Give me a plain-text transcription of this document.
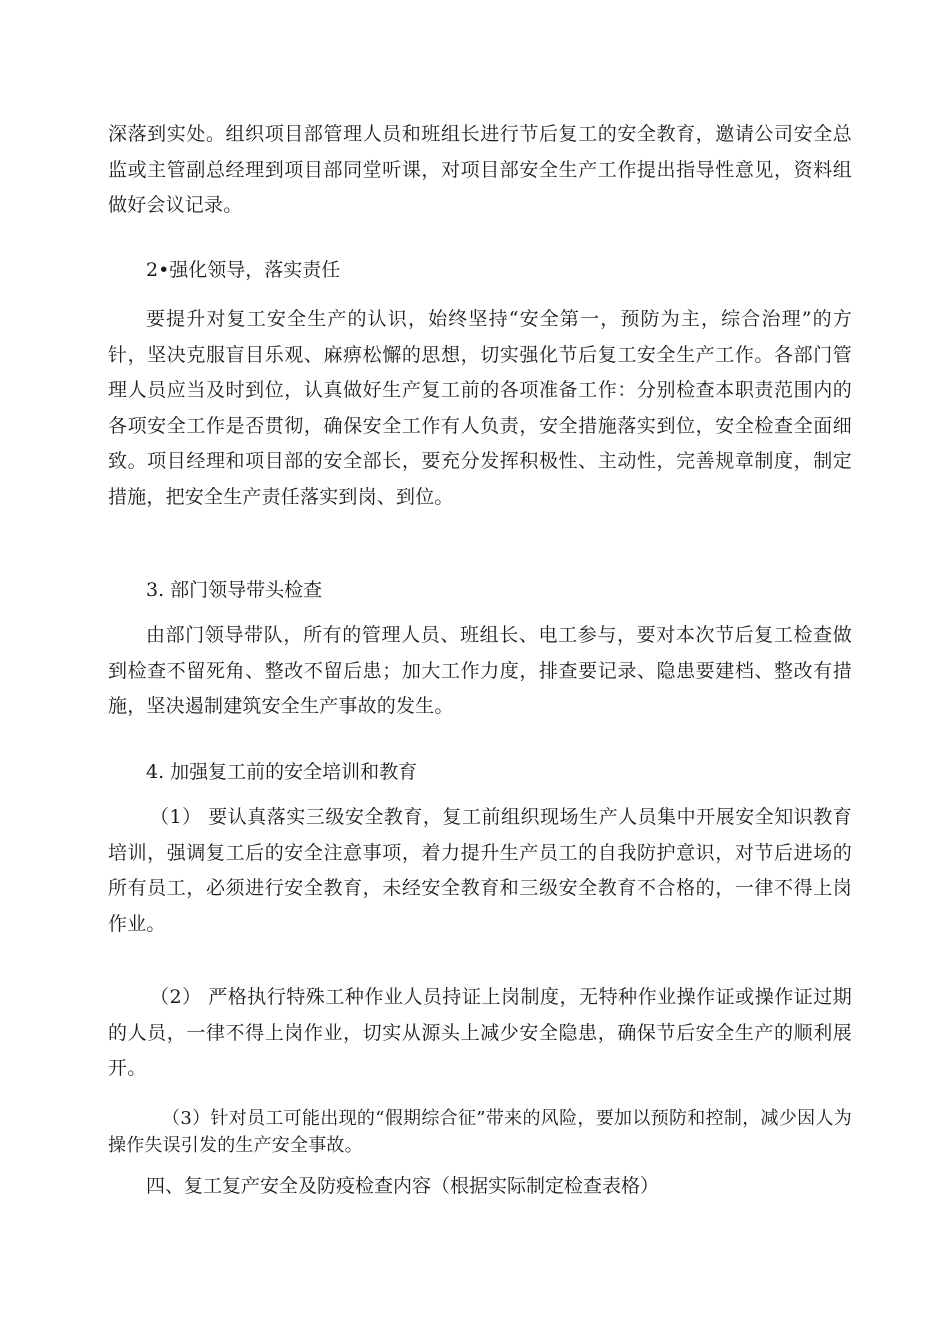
深落到实处。组织项目部管理人员和班组长进行节后复工的安全教育，邀请公司安全总监或主管副总经理到项目部同堂听课，对项目部安全生产工作提出指导性意见，资料组做好会议记录。

2•强化领导，落实责任

要提升对复工安全生产的认识，始终坚持“安全第一，预防为主，综合治理”的方针，坚决克服盲目乐观、麻痹松懈的思想，切实强化节后复工安全生产工作。各部门管理人员应当及时到位，认真做好生产复工前的各项准备工作：分别检查本职责范围内的各项安全工作是否贯彻，确保安全工作有人负责，安全措施落实到位，安全检查全面细致。项目经理和项目部的安全部长，要充分发挥积极性、主动性，完善规章制度，制定措施，把安全生产责任落实到岗、到位。

3. 部门领导带头检查

由部门领导带队，所有的管理人员、班组长、电工参与，要对本次节后复工检查做到检查不留死角、整改不留后患；加大工作力度，排查要记录、隐患要建档、整改有措施，坚决遏制建筑安全生产事故的发生。

4. 加强复工前的安全培训和教育

（1） 要认真落实三级安全教育，复工前组织现场生产人员集中开展安全知识教育培训，强调复工后的安全注意事项，着力提升生产员工的自我防护意识，对节后进场的所有员工，必须进行安全教育，未经安全教育和三级安全教育不合格的，一律不得上岗作业。

（2） 严格执行特殊工种作业人员持证上岗制度，无特种作业操作证或操作证过期的人员，一律不得上岗作业，切实从源头上减少安全隐患，确保节后安全生产的顺利展开。

（3）针对员工可能出现的“假期综合征”带来的风险，要加以预防和控制，减少因人为操作失误引发的生产安全事故。

四、复工复产安全及防疫检查内容（根据实际制定检查表格）
